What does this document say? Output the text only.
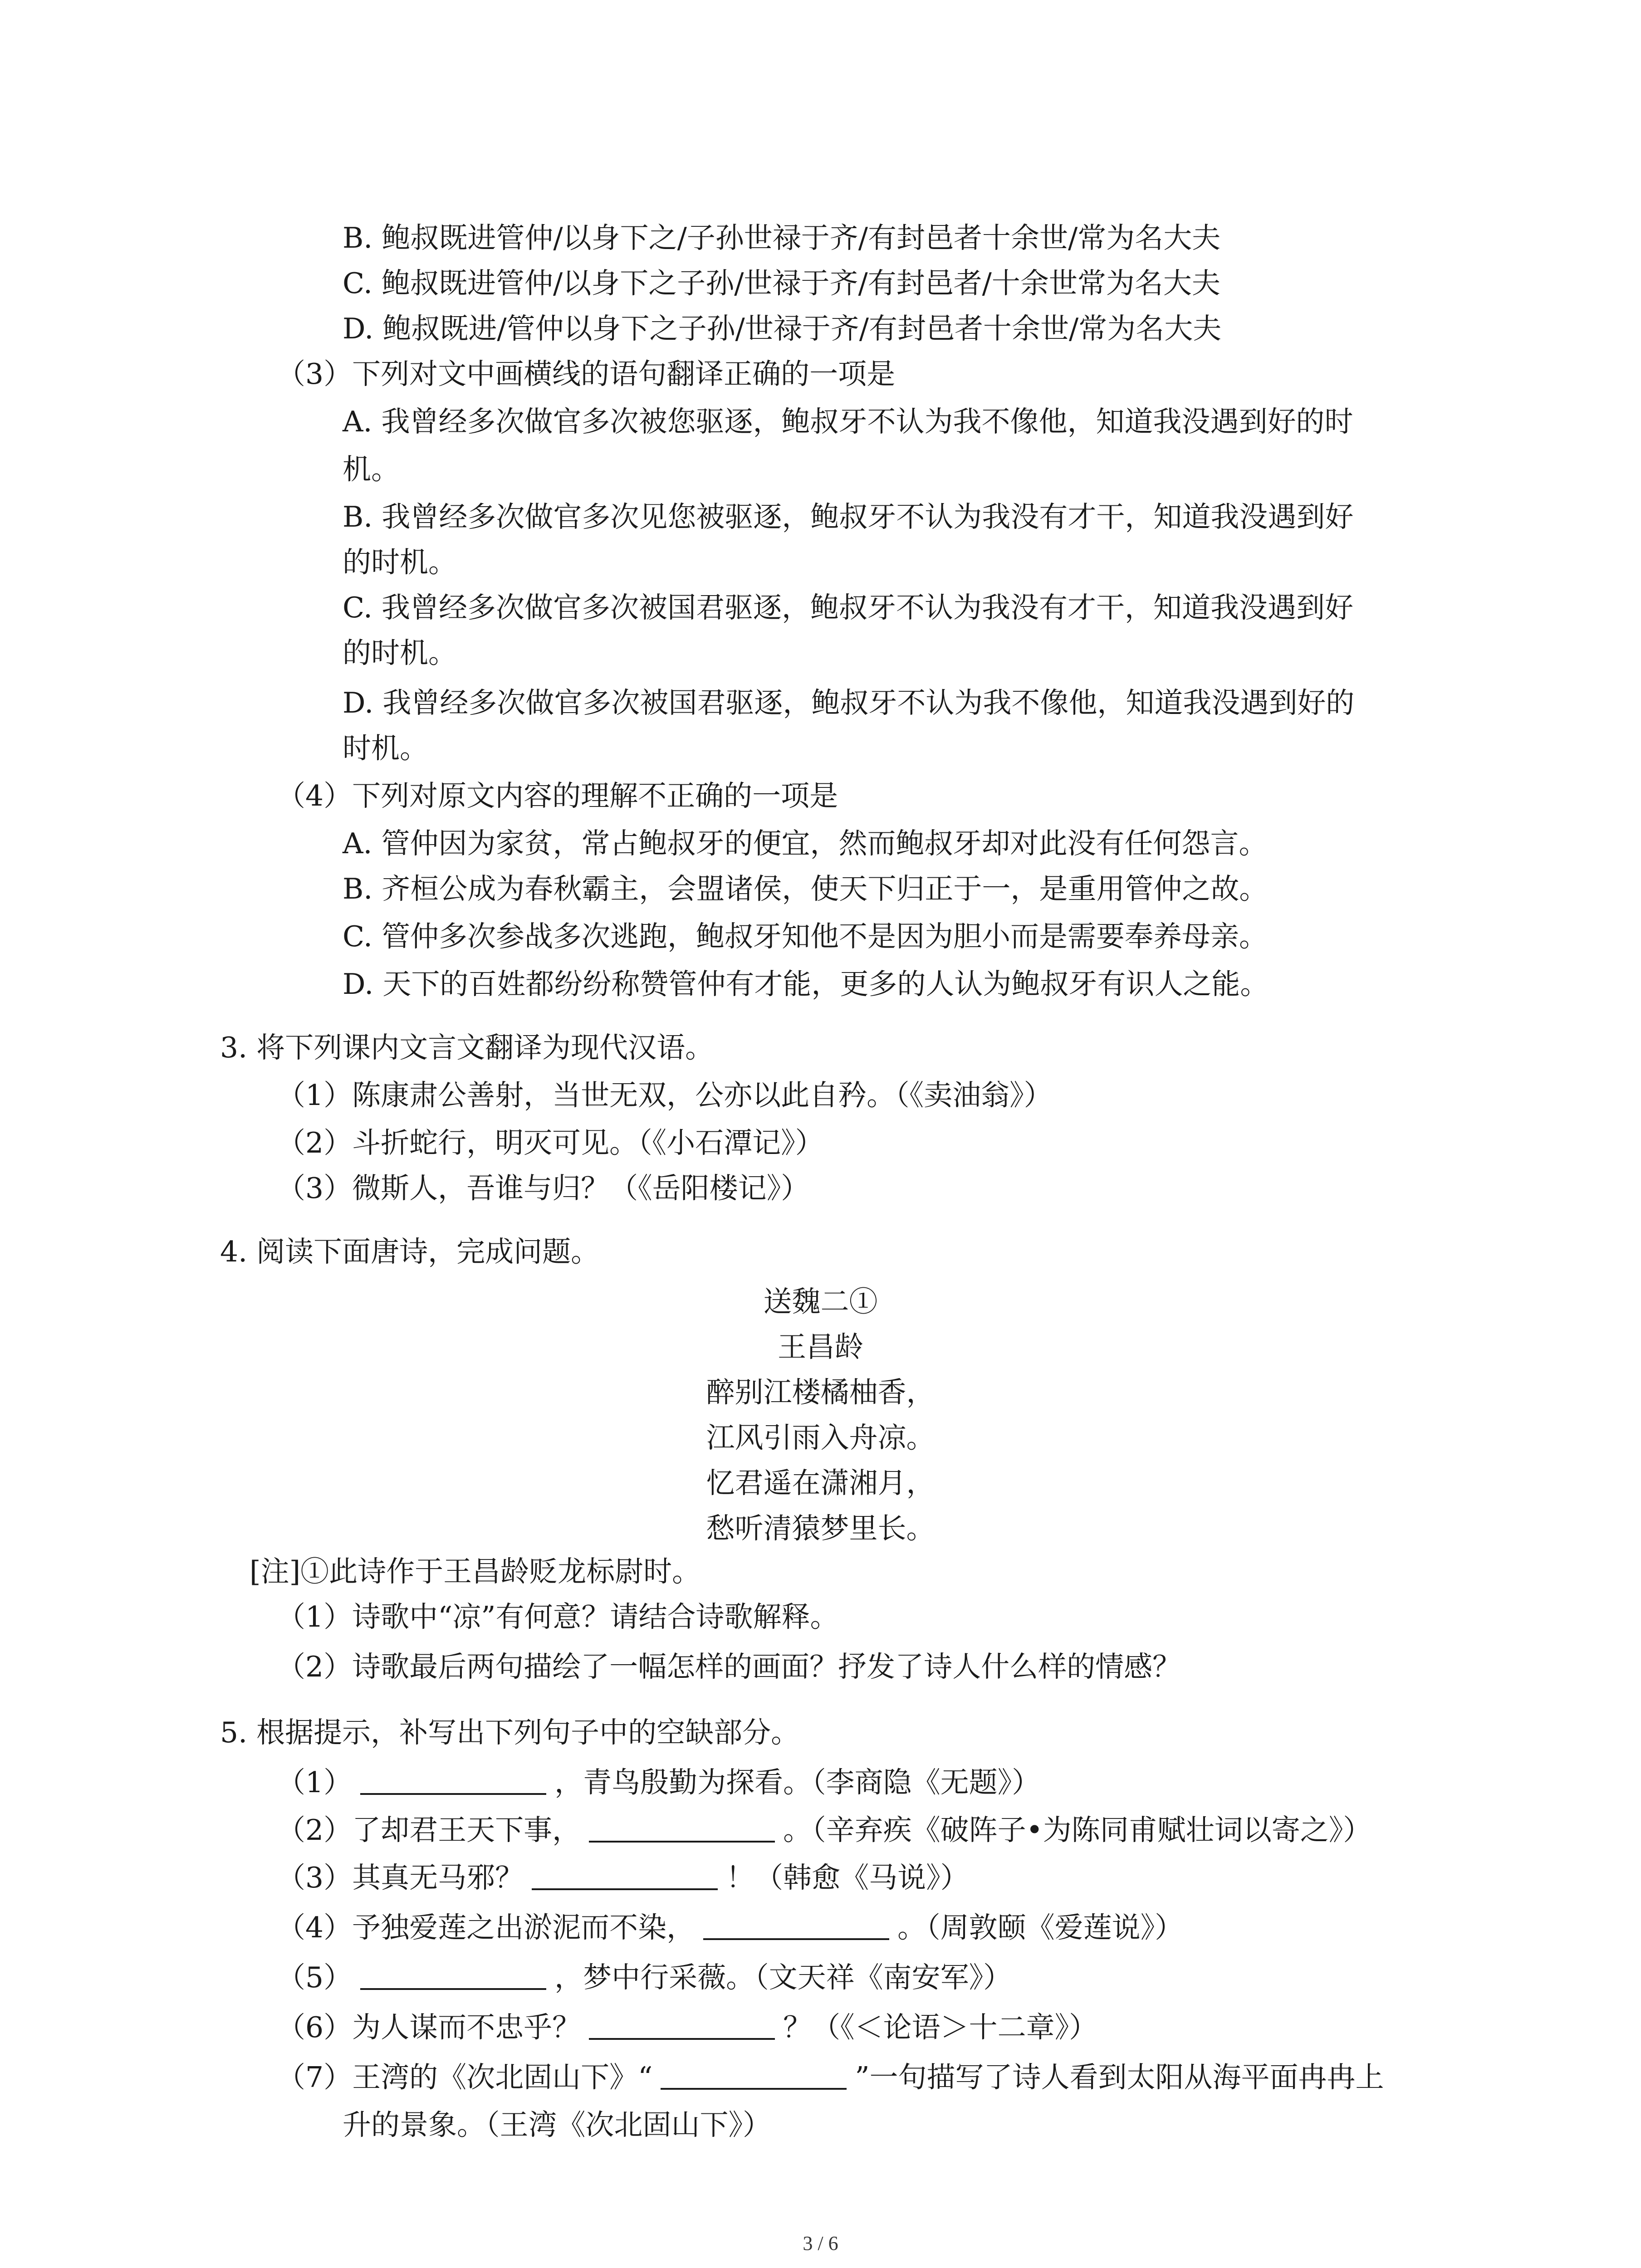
B. 鲍叔既进管仲/以身下之/子孙世禄于齐/有封邑者十余世/常为名大夫
C. 鲍叔既进管仲/以身下之子孙/世禄于齐/有封邑者/十余世常为名大夫
D. 鲍叔既进/管仲以身下之子孙/世禄于齐/有封邑者十余世/常为名大夫
（3）下列对文中画横线的语句翻译正确的一项是
A. 我曾经多次做官多次被您驱逐，鲍叔牙不认为我不像他，知道我没遇到好的时
机。
B. 我曾经多次做官多次见您被驱逐，鲍叔牙不认为我没有才干，知道我没遇到好
的时机。
C. 我曾经多次做官多次被国君驱逐，鲍叔牙不认为我没有才干，知道我没遇到好
的时机。
D. 我曾经多次做官多次被国君驱逐，鲍叔牙不认为我不像他，知道我没遇到好的
时机。
（4）下列对原文内容的理解不正确的一项是
A. 管仲因为家贫，常占鲍叔牙的便宜，然而鲍叔牙却对此没有任何怨言。
B. 齐桓公成为春秋霸主，会盟诸侯，使天下归正于一，是重用管仲之故。
C. 管仲多次参战多次逃跑，鲍叔牙知他不是因为胆小而是需要奉养母亲。
D. 天下的百姓都纷纷称赞管仲有才能，更多的人认为鲍叔牙有识人之能。
3. 将下列课内文言文翻译为现代汉语。
（1）陈康肃公善射，当世无双，公亦以此自矜。（《卖油翁》）
（2）斗折蛇行，明灭可见。（《小石潭记》）
（3）微斯人，吾谁与归？（《岳阳楼记》）
4. 阅读下面唐诗，完成问题。
送魏二①
王昌龄
醉别江楼橘柚香，
江风引雨入舟凉。
忆君遥在潇湘月，
愁听清猿梦里长。
[注]①此诗作于王昌龄贬龙标尉时。
（1）诗歌中“凉”有何意？请结合诗歌解释。
（2）诗歌最后两句描绘了一幅怎样的画面？抒发了诗人什么样的情感？
5. 根据提示，补写出下列句子中的空缺部分。
（1）	，青鸟殷勤为探看。（李商隐《无题》）
（2）了却君王天下事，	。（辛弃疾《破阵子•为陈同甫赋壮词以寄之》）
（3）其真无马邪？	！（韩愈《马说》）
（4）予独爱莲之出淤泥而不染，	。（周敦颐《爱莲说》）
（5）	，梦中行采薇。（文天祥《南安军》）
（6）为人谋而不忠乎？	？（《＜论语＞十二章》）
（7）王湾的《次北固山下》“	”一句描写了诗人看到太阳从海平面冉冉上
升的景象。（王湾《次北固山下》）
3 / 6
